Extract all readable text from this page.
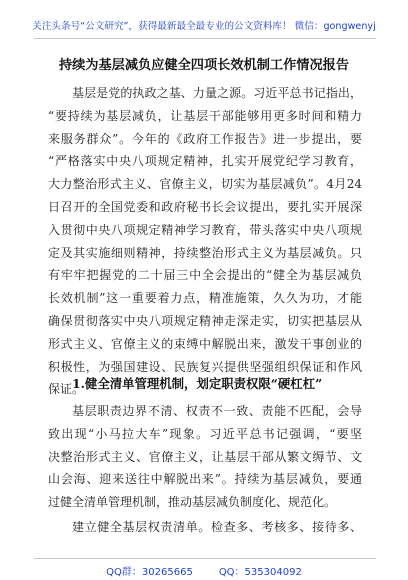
关注头条号“公文研究”，获得最新最全最专业的公文资料库！ 微信：gongwenyj
持续为基层减负应健全四项长效机制工作情况报告
基层是党的执政之基、力量之源。习近平总书记指出，
“要持续为基层减负，让基层干部能够用更多时间和精力
来服务群众”。今年的《政府工作报告》进一步提出，要
“严格落实中央八项规定精神，扎实开展党纪学习教育，
大力整治形式主义、官僚主义，切实为基层减负”。4月24
日召开的全国党委和政府秘书长会议提出，要扎实开展深
入贯彻中央八项规定精神学习教育，带头落实中央八项规
定及其实施细则精神，持续整治形式主义为基层减负。只
有牢牢把握党的二十届三中全会提出的“健全为基层减负
长效机制”这一重要着力点，精准施策，久久为功，才能
确保贯彻落实中央八项规定精神走深走实，切实把基层从
形式主义、官僚主义的束缚中解脱出来，激发干事创业的
积极性，为强国建设、民族复兴提供坚强组织保证和作风
保证。
1.健全清单管理机制，划定职责权限“硬杠杠”
基层职责边界不清、权责不一致、责能不匹配，会导
致出现“小马拉大车”现象。习近平总书记强调，“要坚
决整治形式主义、官僚主义，让基层干部从繁文缛节、文
山会海、迎来送往中解脱出来”。持续为基层减负，要通
过健全清单管理机制，推动基层减负制度化、规范化。
建立健全基层权责清单。检查多、考核多、接待多、
QQ群：30265665	QQ：535304092
